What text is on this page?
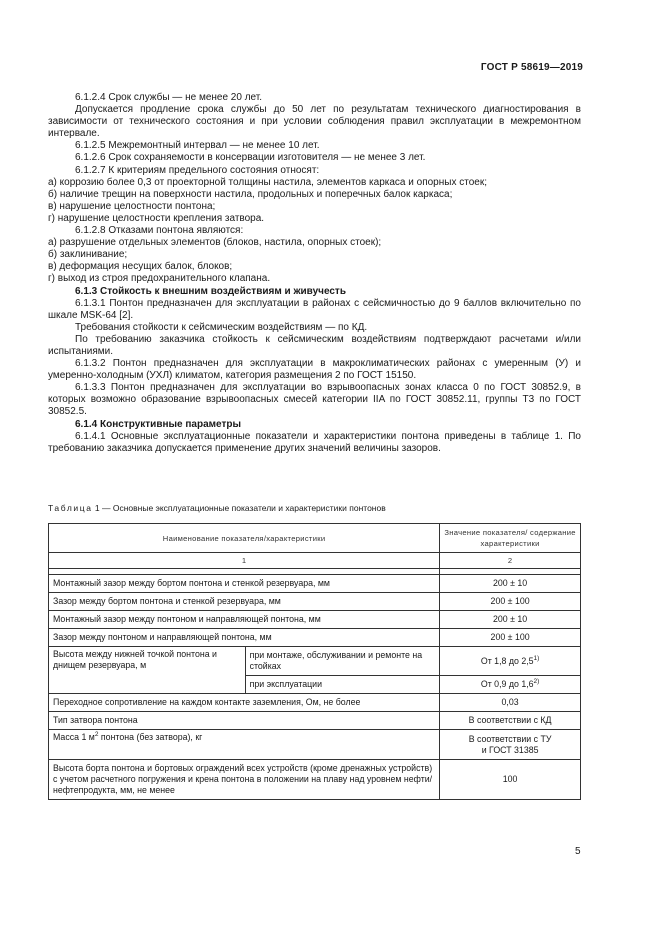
ГОСТ Р 58619—2019

6.1.2.4 Срок службы — не менее 20 лет.

Допускается продление срока службы до 50 лет по результатам технического диагностирования в зависимости от технического состояния и при условии соблюдения правил эксплуатации в межремонтном интервале.

6.1.2.5 Межремонтный интервал — не менее 10 лет.

6.1.2.6 Срок сохраняемости в консервации изготовителя — не менее 3 лет.

6.1.2.7 К критериям предельного состояния относят:

а) коррозию более 0,3 от проекторной толщины настила, элементов каркаса и опорных стоек;

б) наличие трещин на поверхности настила, продольных и поперечных балок каркаса;

в) нарушение целостности понтона;

г) нарушение целостности крепления затвора.

6.1.2.8 Отказами понтона являются:

а) разрушение отдельных элементов (блоков, настила, опорных стоек);

б) заклинивание;

в) деформация несущих балок, блоков;

г) выход из строя предохранительного клапана.

6.1.3 Стойкость к внешним воздействиям и живучесть

6.1.3.1 Понтон предназначен для эксплуатации в районах с сейсмичностью до 9 баллов включительно по шкале MSK-64 [2].

Требования стойкости к сейсмическим воздействиям — по КД.

По требованию заказчика стойкость к сейсмическим воздействиям подтверждают расчетами и/или испытаниями.

6.1.3.2 Понтон предназначен для эксплуатации в макроклиматических районах с умеренным (У) и умеренно-холодным (УХЛ) климатом, категория размещения 2 по ГОСТ 15150.

6.1.3.3 Понтон предназначен для эксплуатации во взрывоопасных зонах класса 0 по ГОСТ 30852.9, в которых возможно образование взрывоопасных смесей категории IIA по ГОСТ 30852.11, группы Т3 по ГОСТ 30852.5.

6.1.4 Конструктивные параметры

6.1.4.1 Основные эксплуатационные показатели и характеристики понтона приведены в таблице 1. По требованию заказчика допускается применение других значений величины зазоров.

Таблица 1 — Основные эксплуатационные показатели и характеристики понтонов
Наименование показателя/характеристики		Значение показателя/ содержание характеристики
1		2

Монтажный зазор между бортом понтона и стенкой резервуара, мм		200 ± 10
Зазор между бортом понтона и стенкой резервуара, мм		200 ± 100
Монтажный зазор между понтоном и направляющей понтона, мм		200 ± 10
Зазор между понтоном и направляющей понтона, мм		200 ± 100
Высота между нижней точкой понтона и днищем резервуара, м	при монтаже, обслуживании и ремонте на стойках	От 1,8 до 2,5$^{1)}$
	при эксплуатации	От 0,9 до 1,6$^{2)}$
Переходное сопротивление на каждом контакте заземления, Ом, не более		0,03
Тип затвора понтона		В соответствии с КД
Масса 1 $м^2$ понтона (без затвора), кг		В соответствии с ТУ
и ГОСТ 31385
Высота борта понтона и бортовых ограждений всех устройств (кроме дренажных устройств) с учетом расчетного погружения и крена понтона в положении на плаву над уровнем нефти/нефтепродукта, мм, не менее		100
5
